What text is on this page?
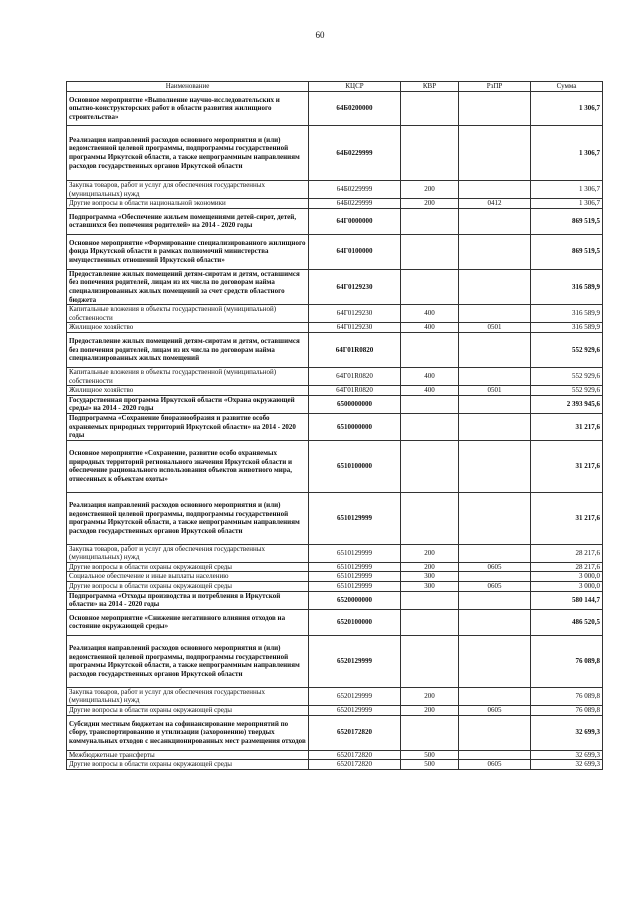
60
Наименование	КЦСР	КВР	РзПР	Сумма
Основное мероприятие «Выполнение научно-исследовательских и опытно-конструкторских работ в области развития жилищного строительства»	64Б0200000			1 306,7
Реализация направлений расходов основного мероприятия и (или) ведомственной целевой программы, подпрограммы государственной программы Иркутской области, а также непрограммным направлениям расходов государственных органов Иркутской области	64Б0229999			1 306,7
Закупка товаров, работ и услуг для обеспечения государственных (муниципальных) нужд	64Б0229999	200		1 306,7
Другие вопросы в области национальной экономики	64Б0229999	200	0412	1 306,7
Подпрограмма «Обеспечение жильем помещениями детей-сирот, детей, оставшихся без попечения родителей» на 2014 - 2020 годы	64Г0000000			869 519,5
Основное мероприятие «Формирование специализированного жилищного фонда Иркутской области в рамках полномочий министерства имущественных отношений Иркутской области»	64Г0100000			869 519,5
Предоставление жилых помещений детям-сиротам и детям, оставшимся без попечения родителей, лицам из их числа по договорам найма специализированных жилых помещений за счет средств областного бюджета	64Г0129230			316 589,9
Капитальные вложения в объекты государственной (муниципальной) собственности	64Г0129230	400		316 589,9
Жилищное хозяйство	64Г0129230	400	0501	316 589,9
Предоставление жилых помещений детям-сиротам и детям, оставшимся без попечения родителей, лицам из их числа по договорам найма специализированных жилых помещений	64Г01R0820			552 929,6
Капитальные вложения в объекты государственной (муниципальной) собственности	64Г01R0820	400		552 929,6
Жилищное хозяйство	64Г01R0820	400	0501	552 929,6
Государственная программа Иркутской области «Охрана окружающей среды» на 2014 - 2020 годы	6500000000			2 393 945,6
Подпрограмма «Сохранение биоразнообразия и развитие особо охраняемых природных территорий Иркутской области» на 2014 - 2020 годы	6510000000			31 217,6
Основное мероприятие «Сохранение, развитие особо охраняемых природных территорий регионального значения Иркутской области и обеспечение рационального использования объектов животного мира, отнесенных к объектам охоты»	6510100000			31 217,6
Реализация направлений расходов основного мероприятия и (или) ведомственной целевой программы, подпрограммы государственной программы Иркутской области, а также непрограммным направлениям расходов государственных органов Иркутской области	6510129999			31 217,6
Закупка товаров, работ и услуг для обеспечения государственных (муниципальных) нужд	6510129999	200		28 217,6
Другие вопросы в области охраны окружающей среды	6510129999	200	0605	28 217,6
Социальное обеспечение и иные выплаты населению	6510129999	300		3 000,0
Другие вопросы в области охраны окружающей среды	6510129999	300	0605	3 000,0
Подпрограмма «Отходы производства и потребления в Иркутской области» на 2014 - 2020 годы	6520000000			580 144,7
Основное мероприятие «Снижение негативного влияния отходов на состояние окружающей среды»	6520100000			486 520,5
Реализация направлений расходов основного мероприятия и (или) ведомственной целевой программы, подпрограммы государственной программы Иркутской области, а также непрограммным направлениям расходов государственных органов Иркутской области	6520129999			76 089,8
Закупка товаров, работ и услуг для обеспечения государственных (муниципальных) нужд	6520129999	200		76 089,8
Другие вопросы в области охраны окружающей среды	6520129999	200	0605	76 089,8
Субсидии местным бюджетам на софинансирование мероприятий по сбору, транспортированию и утилизации (захоронению) твердых коммунальных отходов с несанкционированных мест размещения отходов	6520172820			32 699,3
Межбюджетные трансферты	6520172820	500		32 699,3
Другие вопросы в области охраны окружающей среды	6520172820	500	0605	32 699,3
